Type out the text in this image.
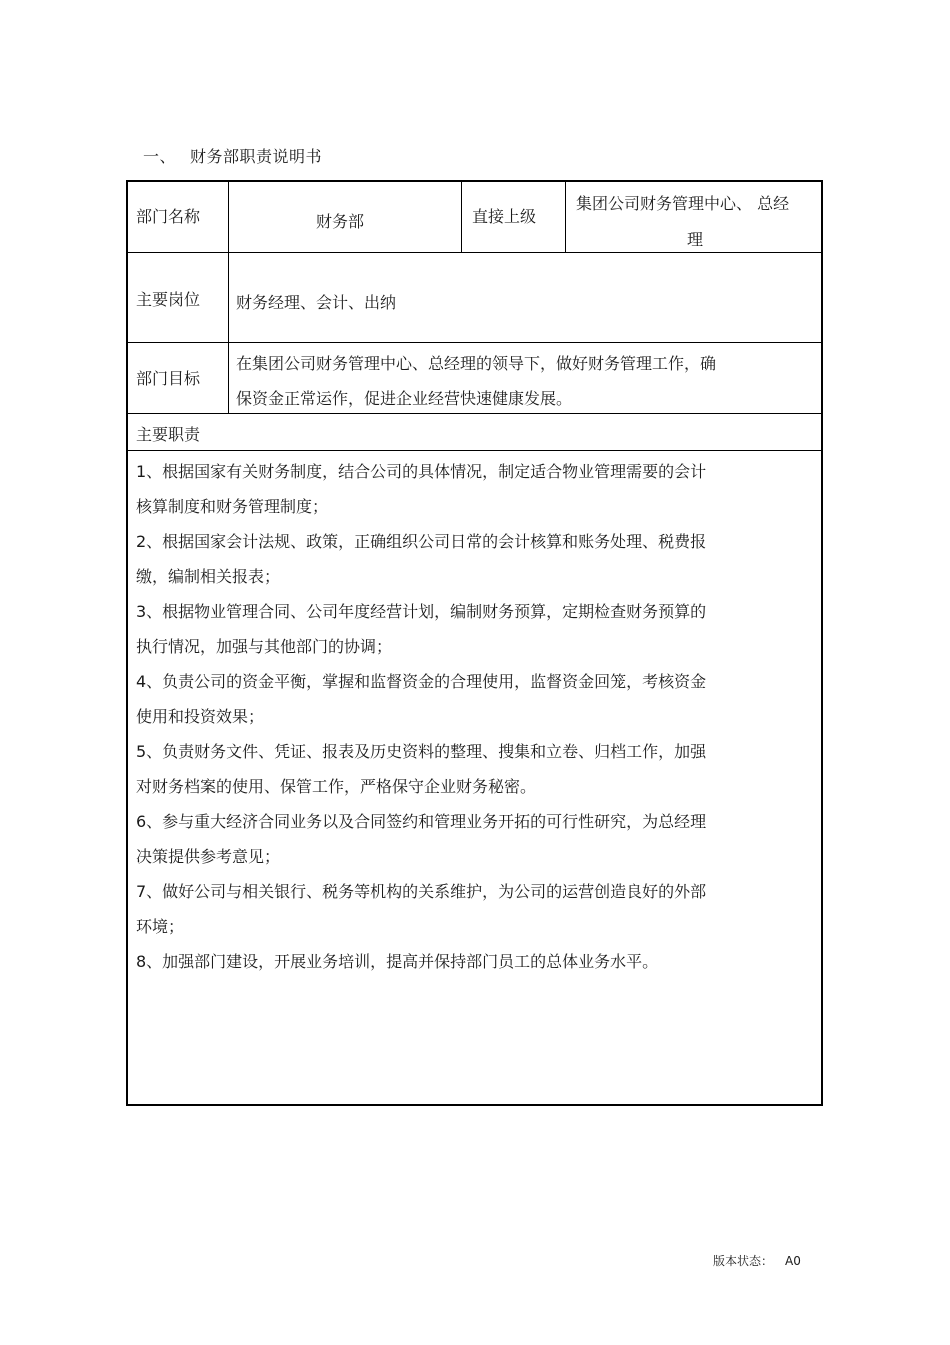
一、 财务部职责说明书
部门名称	财务部	直接上级
集团公司财务管理中心、 总经
理
主要岗位 财务经理、会计、出纳
部门目标
在集团公司财务管理中心、总经理的领导下，做好财务管理工作，确
保资金正常运作，促进企业经营快速健康发展。
主要职责

1、根据国家有关财务制度，结合公司的具体情况，制定适合物业管理需要的会计

核算制度和财务管理制度；

2、根据国家会计法规、政策，正确组织公司日常的会计核算和账务处理、税费报

缴，编制相关报表；

3、根据物业管理合同、公司年度经营计划，编制财务预算，定期检查财务预算的

执行情况，加强与其他部门的协调；

4、负责公司的资金平衡，掌握和监督资金的合理使用，监督资金回笼，考核资金

使用和投资效果；

5、负责财务文件、凭证、报表及历史资料的整理、搜集和立卷、归档工作，加强

对财务档案的使用、保管工作，严格保守企业财务秘密。

6、参与重大经济合同业务以及合同签约和管理业务开拓的可行性研究，为总经理

决策提供参考意见；

7、做好公司与相关银行、税务等机构的关系维护，为公司的运营创造良好的外部

环境；

8、加强部门建设，开展业务培训，提高并保持部门员工的总体业务水平。

版本状态： A0
